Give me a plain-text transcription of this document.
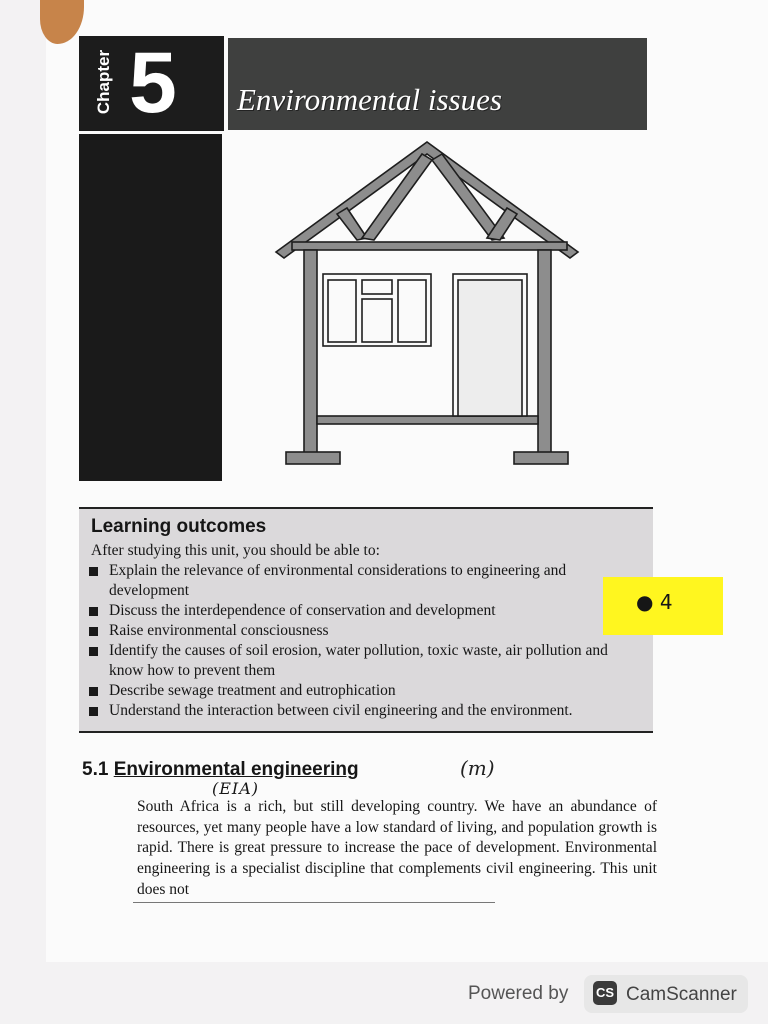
Chapter 5 Environmental issues
Learning outcomes
After studying this unit, you should be able to:
Explain the relevance of environmental considerations to engineering and development
Discuss the interdependence of conservation and development
Raise environmental consciousness
Identify the causes of soil erosion, water pollution, toxic waste, air pollution and know how to prevent them
Describe sewage treatment and eutrophication
Understand the interaction between civil engineering and the environment.
● 4
5.1 Environmental engineering	(m)
(EIA)
South Africa is a rich, but still developing country. We have an abundance of resources, yet many people have a low standard of living, and population growth is rapid. There is great pressure to increase the pace of development. Environmental engineering is a specialist discipline that complements civil engineering. This unit does not
Powered by CS CamScanner
